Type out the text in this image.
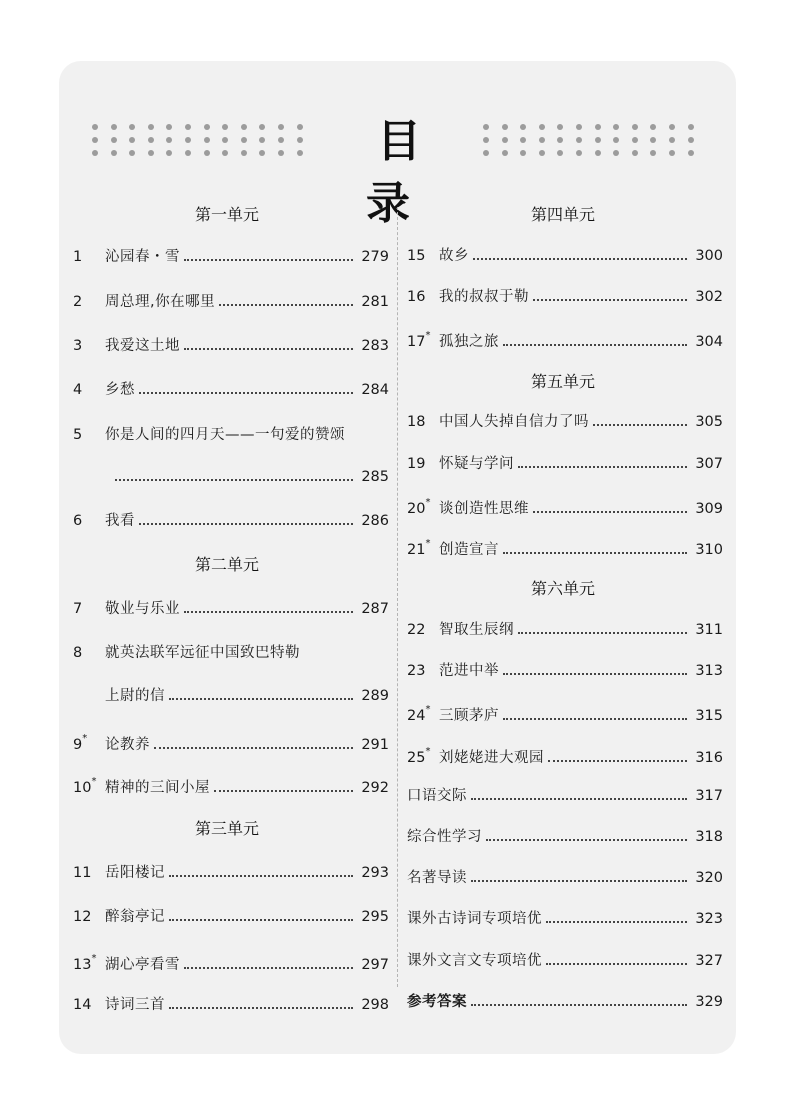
目 录
第一单元
1	沁园春・雪	279
2	周总理,你在哪里	281
3	我爱这土地	283
4	乡愁	284
5	你是人间的四月天——一句爱的赞颂
285
6	我看	286
第二单元
7	敬业与乐业	287
8	就英法联军远征中国致巴特勒
上尉的信	289
9*	论教养	291
10* 精神的三间小屋	292
第三单元
11 岳阳楼记	293
12 醉翁亭记	295
13* 湖心亭看雪	297
14 诗词三首	298
第四单元
15 故乡	300
16 我的叔叔于勒	302
17* 孤独之旅	304
第五单元
18 中国人失掉自信力了吗	305
19 怀疑与学问	307
20* 谈创造性思维	309
21* 创造宣言	310
第六单元
22 智取生辰纲	311
23 范进中举	313
24* 三顾茅庐	315
25* 刘姥姥进大观园	316
口语交际	317
综合性学习	318
名著导读	320
课外古诗词专项培优	323
课外文言文专项培优	327
参考答案	329
